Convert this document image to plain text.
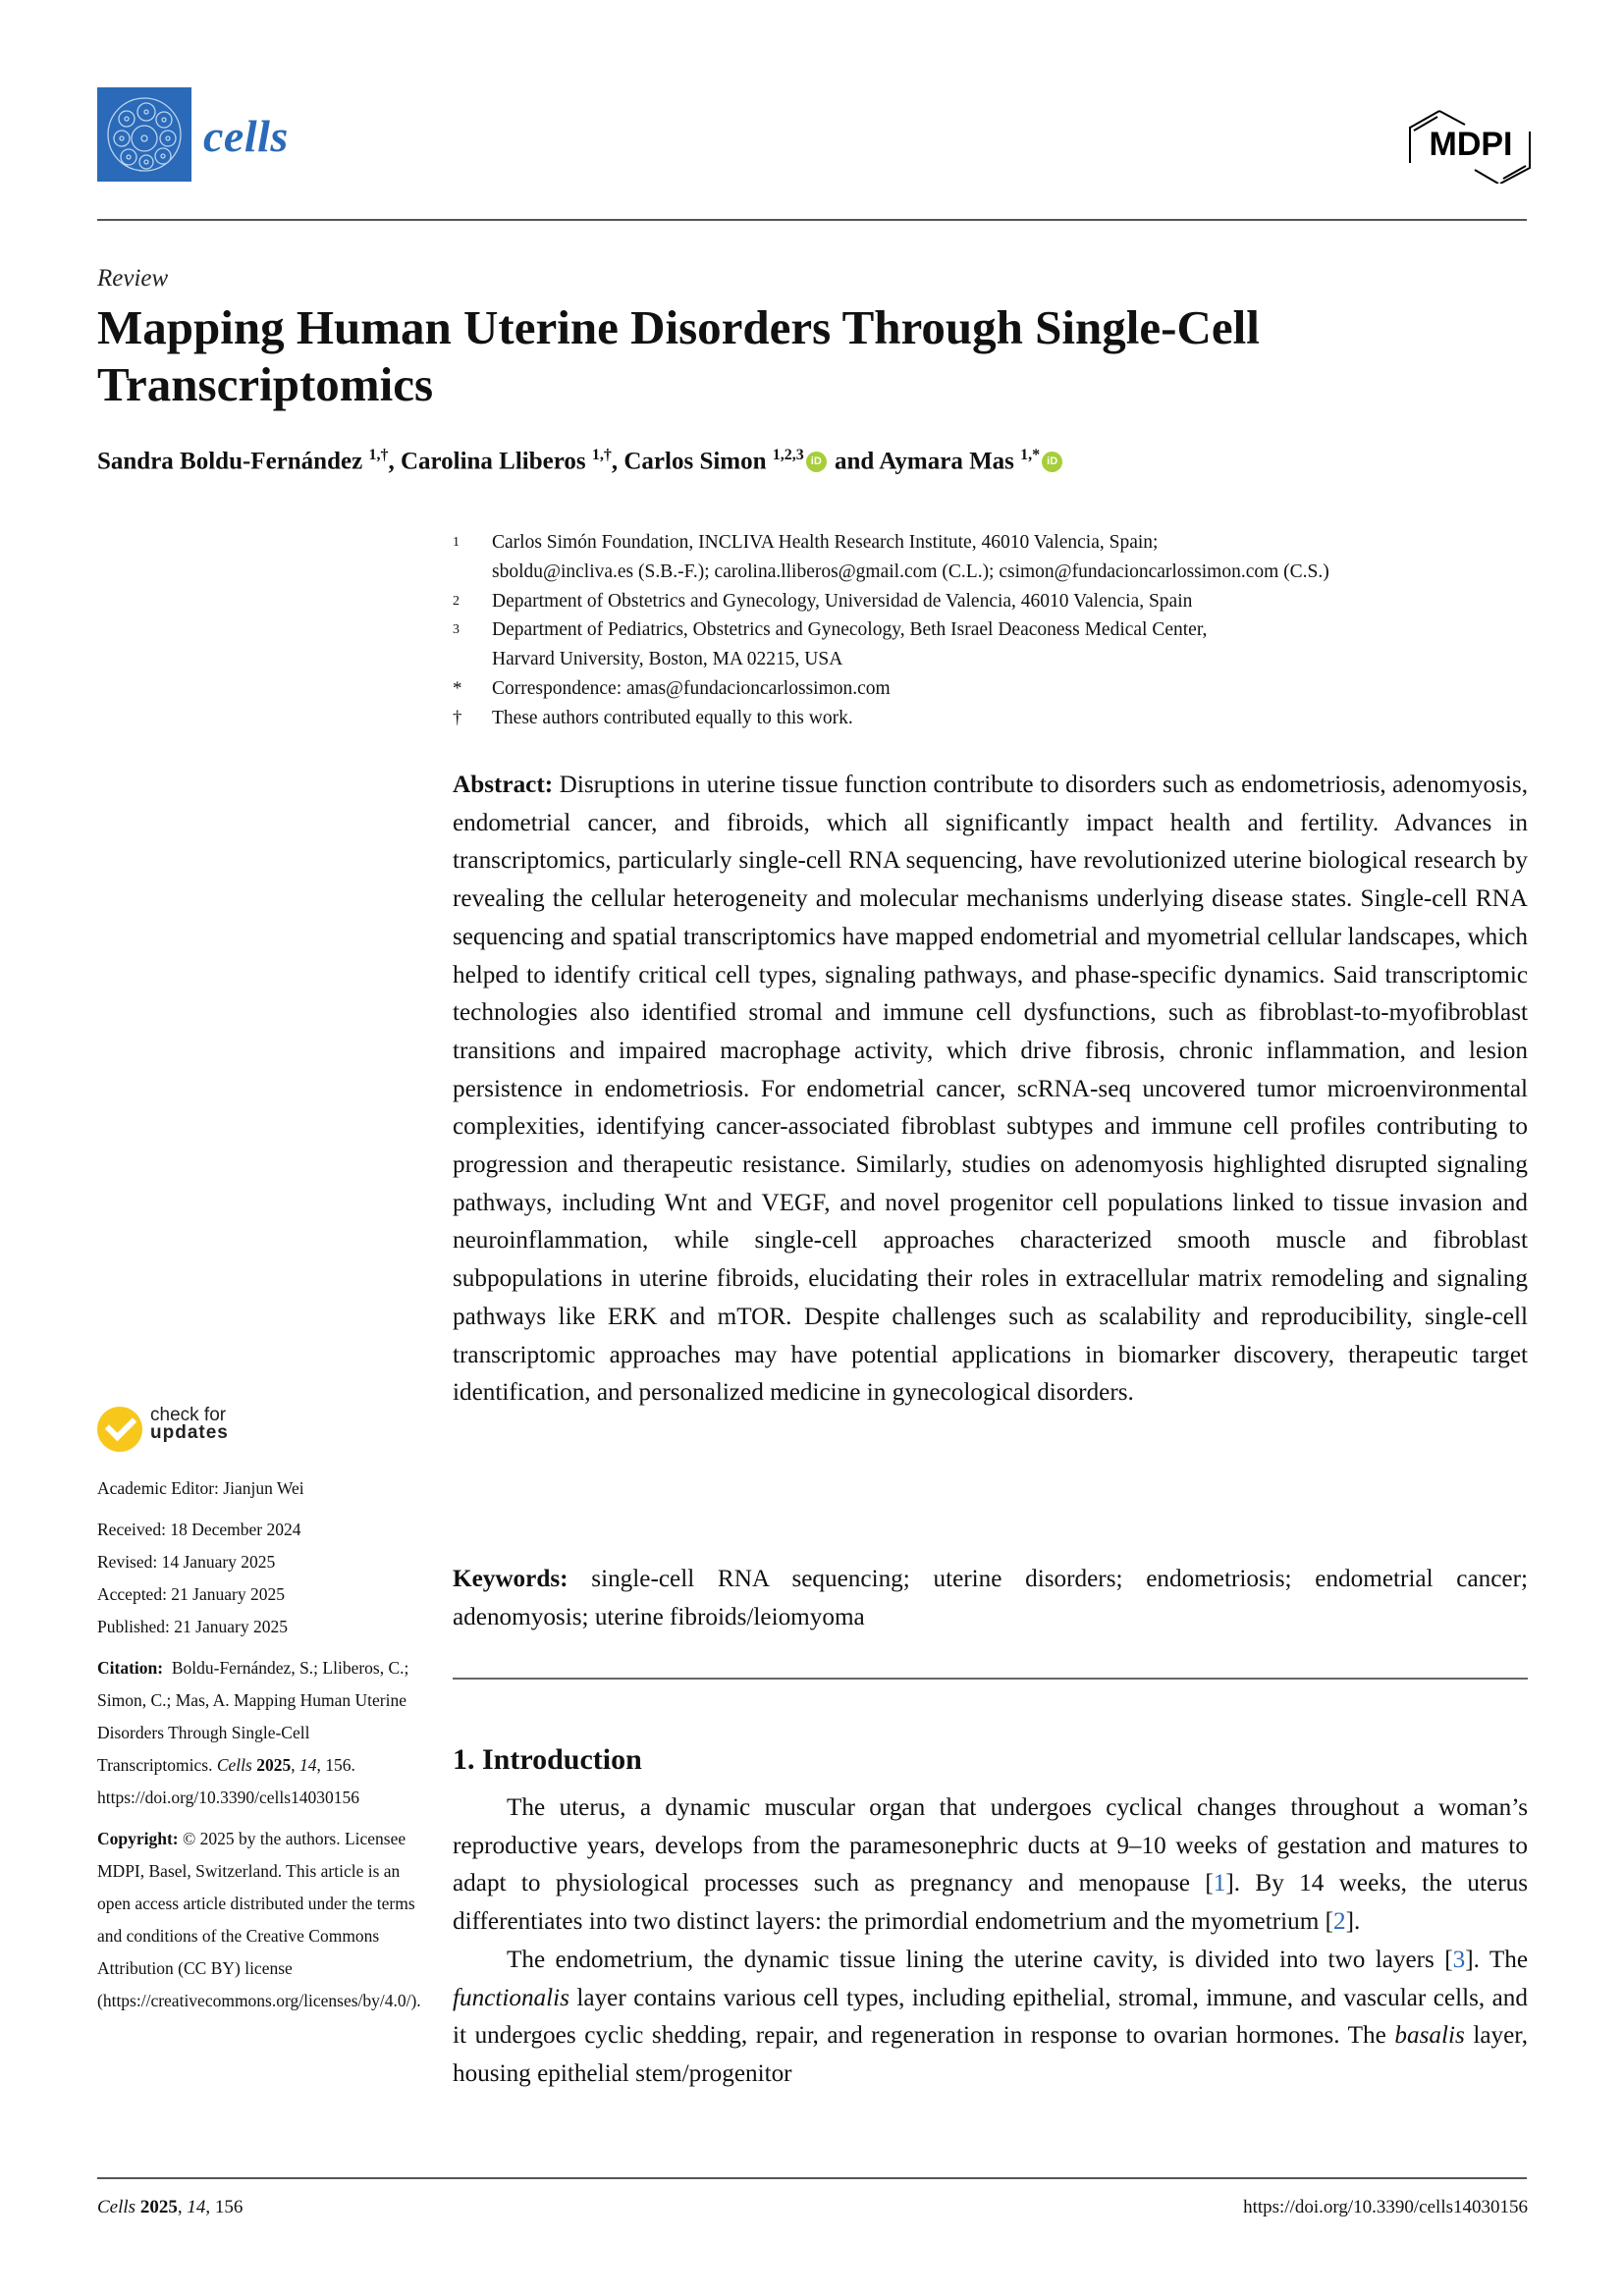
cells	MDPI
Review
Mapping Human Uterine Disorders Through Single-Cell Transcriptomics
Sandra Boldu-Fernández $^{1,\dagger}$, Carolina Lliberos $^{1,\dagger}$, Carlos Simon $^{1,2,3}$ iD and Aymara Mas $^{1,*}$ iD
1	Carlos Simón Foundation, INCLIVA Health Research Institute, 46010 Valencia, Spain;
sboldu@incliva.es (S.B.-F.); carolina.lliberos@gmail.com (C.L.); csimon@fundacioncarlossimon.com (C.S.)
2	Department of Obstetrics and Gynecology, Universidad de Valencia, 46010 Valencia, Spain
3	Department of Pediatrics, Obstetrics and Gynecology, Beth Israel Deaconess Medical Center,
Harvard University, Boston, MA 02215, USA
*	Correspondence: amas@fundacioncarlossimon.com
†	These authors contributed equally to this work.
Abstract: Disruptions in uterine tissue function contribute to disorders such as endometriosis, adenomyosis, endometrial cancer, and fibroids, which all significantly impact health and fertility. Advances in transcriptomics, particularly single-cell RNA sequencing, have revolutionized uterine biological research by revealing the cellular heterogeneity and molecular mechanisms underlying disease states. Single-cell RNA sequencing and spatial transcriptomics have mapped endometrial and myometrial cellular landscapes, which helped to identify critical cell types, signaling pathways, and phase-specific dynamics. Said transcriptomic technologies also identified stromal and immune cell dysfunctions, such as fibroblast-to-myofibroblast transitions and impaired macrophage activity, which drive fibrosis, chronic inflammation, and lesion persistence in endometriosis. For endometrial cancer, scRNA-seq uncovered tumor microenvironmental complexities, identifying cancer-associated fibroblast subtypes and immune cell profiles contributing to progression and therapeutic resistance. Similarly, studies on adenomyosis highlighted disrupted signaling pathways, including Wnt and VEGF, and novel progenitor cell populations linked to tissue invasion and neuroinflammation, while single-cell approaches characterized smooth muscle and fibroblast subpopulations in uterine fibroids, elucidating their roles in extracellular matrix remodeling and signaling pathways like ERK and mTOR. Despite challenges such as scalability and reproducibility, single-cell transcriptomic approaches may have potential applications in biomarker discovery, therapeutic target identification, and personalized medicine in gynecological disorders.
Keywords: single-cell RNA sequencing; uterine disorders; endometriosis; endometrial cancer; adenomyosis; uterine fibroids/leiomyoma
1. Introduction

The uterus, a dynamic muscular organ that undergoes cyclical changes throughout a woman’s reproductive years, develops from the paramesonephric ducts at 9–10 weeks of gestation and matures to adapt to physiological processes such as pregnancy and menopause [1]. By 14 weeks, the uterus differentiates into two distinct layers: the primordial endometrium and the myometrium [2].

The endometrium, the dynamic tissue lining the uterine cavity, is divided into two layers [3]. The functionalis layer contains various cell types, including epithelial, stromal, immune, and vascular cells, and it undergoes cyclic shedding, repair, and regeneration in response to ovarian hormones. The basalis layer, housing epithelial stem/progenitor

check for
updates
Academic Editor: Jianjun Wei
Received: 18 December 2024
Revised: 14 January 2025
Accepted: 21 January 2025
Published: 21 January 2025
Citation: Boldu-Fernández, S.; Lliberos, C.; Simon, C.; Mas, A. Mapping Human Uterine Disorders Through Single-Cell Transcriptomics. Cells 2025, 14, 156. https://doi.org/10.3390/cells14030156
Copyright: © 2025 by the authors. Licensee MDPI, Basel, Switzerland. This article is an open access article distributed under the terms and conditions of the Creative Commons Attribution (CC BY) license (https://creativecommons.org/licenses/by/4.0/).
Cells 2025, 14, 156	https://doi.org/10.3390/cells14030156
